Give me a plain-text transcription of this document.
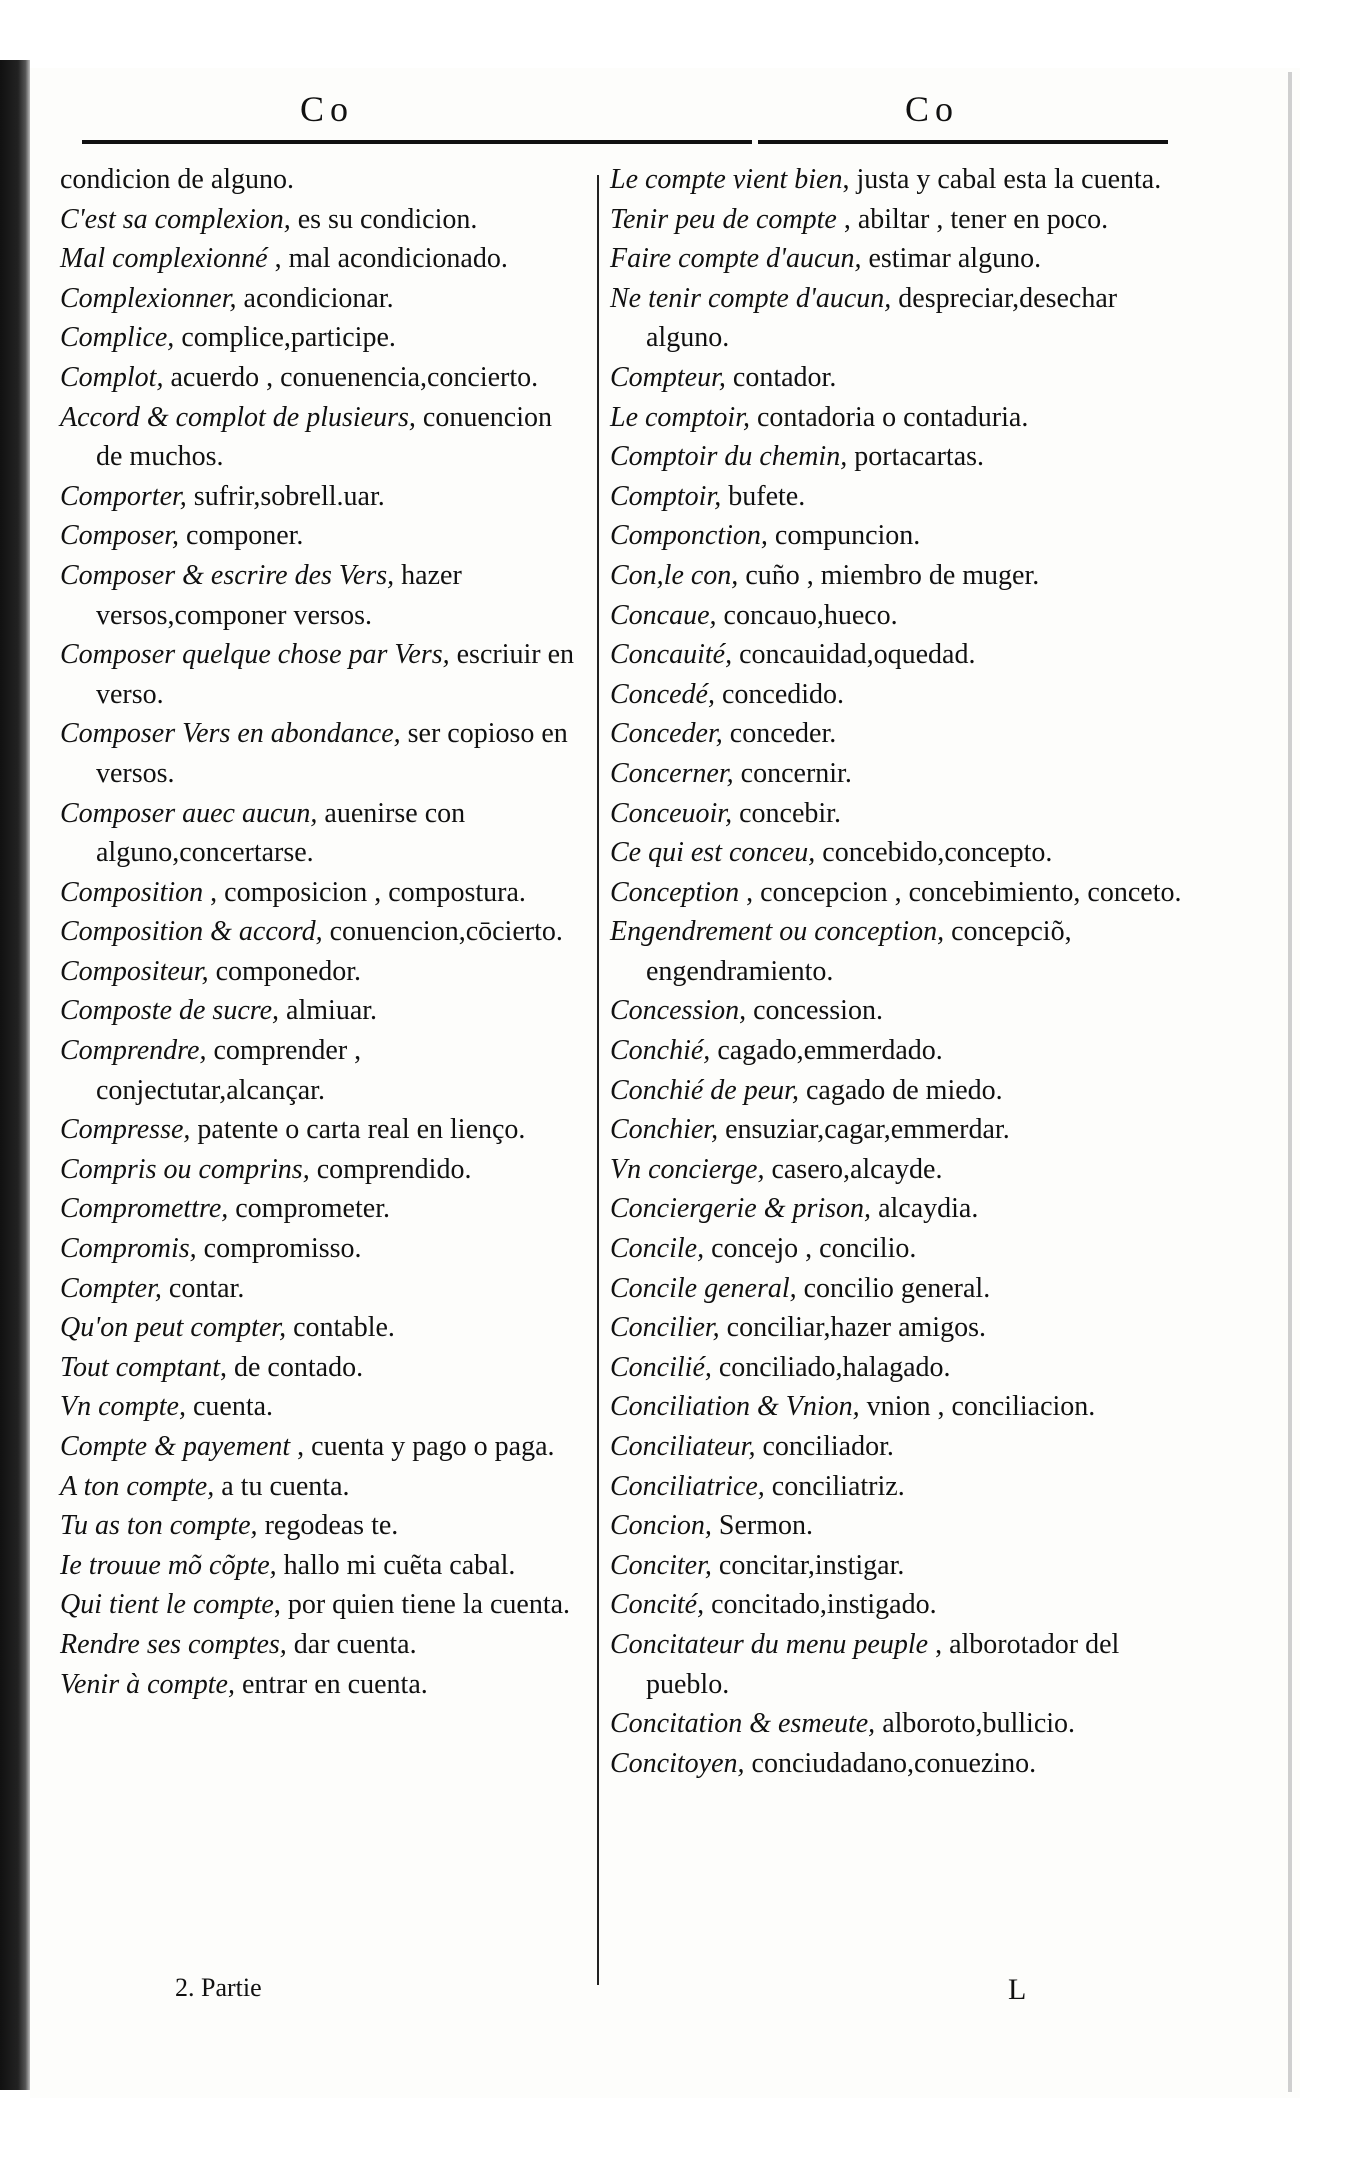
Co	Co

condicion de alguno.

C'est sa complexion, es su condicion.

Mal complexionné , mal acondicionado.

Complexionner, acondicionar.

Complice, complice,participe.

Complot, acuerdo , conuenencia,concierto.

Accord & complot de plusieurs, conuencion de muchos.

Comporter, sufrir,sobrell.uar.

Composer, componer.

Composer & escrire des Vers, hazer versos,componer versos.

Composer quelque chose par Vers, escriuir en verso.

Composer Vers en abondance, ser copioso en versos.

Composer auec aucun, auenirse con alguno,concertarse.

Composition , composicion , compostura.

Composition & accord, conuencion,cōcierto.

Compositeur, componedor.

Composte de sucre, almiuar.

Comprendre, comprender , conjectutar,alcançar.

Compresse, patente o carta real en lienço.

Compris ou comprins, comprendido.

Compromettre, comprometer.

Compromis, compromisso.

Compter, contar.

Qu'on peut compter, contable.

Tout comptant, de contado.

Vn compte, cuenta.

Compte & payement , cuenta y pago o paga.

A ton compte, a tu cuenta.

Tu as ton compte, regodeas te.

Ie trouue mõ cõpte, hallo mi cuẽta cabal.

Qui tient le compte, por quien tiene la cuenta.

Rendre ses comptes, dar cuenta.

Venir à compte, entrar en cuenta.

Le compte vient bien, justa y cabal esta la cuenta.

Tenir peu de compte , abiltar , tener en poco.

Faire compte d'aucun, estimar alguno.

Ne tenir compte d'aucun, despreciar,desechar alguno.

Compteur, contador.

Le comptoir, contadoria o contaduria.

Comptoir du chemin, portacartas.

Comptoir, bufete.

Componction, compuncion.

Con,le con, cuño , miembro de muger.

Concaue, concauo,hueco.

Concauité, concauidad,oquedad.

Concedé, concedido.

Conceder, conceder.

Concerner, concernir.

Conceuoir, concebir.

Ce qui est conceu, concebido,concepto.

Conception , concepcion , concebimiento, conceto.

Engendrement ou conception, concepciõ, engendramiento.

Concession, concession.

Conchié, cagado,emmerdado.

Conchié de peur, cagado de miedo.

Conchier, ensuziar,cagar,emmerdar.

Vn concierge, casero,alcayde.

Conciergerie & prison, alcaydia.

Concile, concejo , concilio.

Concile general, concilio general.

Concilier, conciliar,hazer amigos.

Concilié, conciliado,halagado.

Conciliation & Vnion, vnion , conciliacion.

Conciliateur, conciliador.

Conciliatrice, conciliatriz.

Concion, Sermon.

Conciter, concitar,instigar.

Concité, concitado,instigado.

Concitateur du menu peuple , alborotador del pueblo.

Concitation & esmeute, alboroto,bullicio.

Concitoyen, conciudadano,conuezino.

2. Partie	L
